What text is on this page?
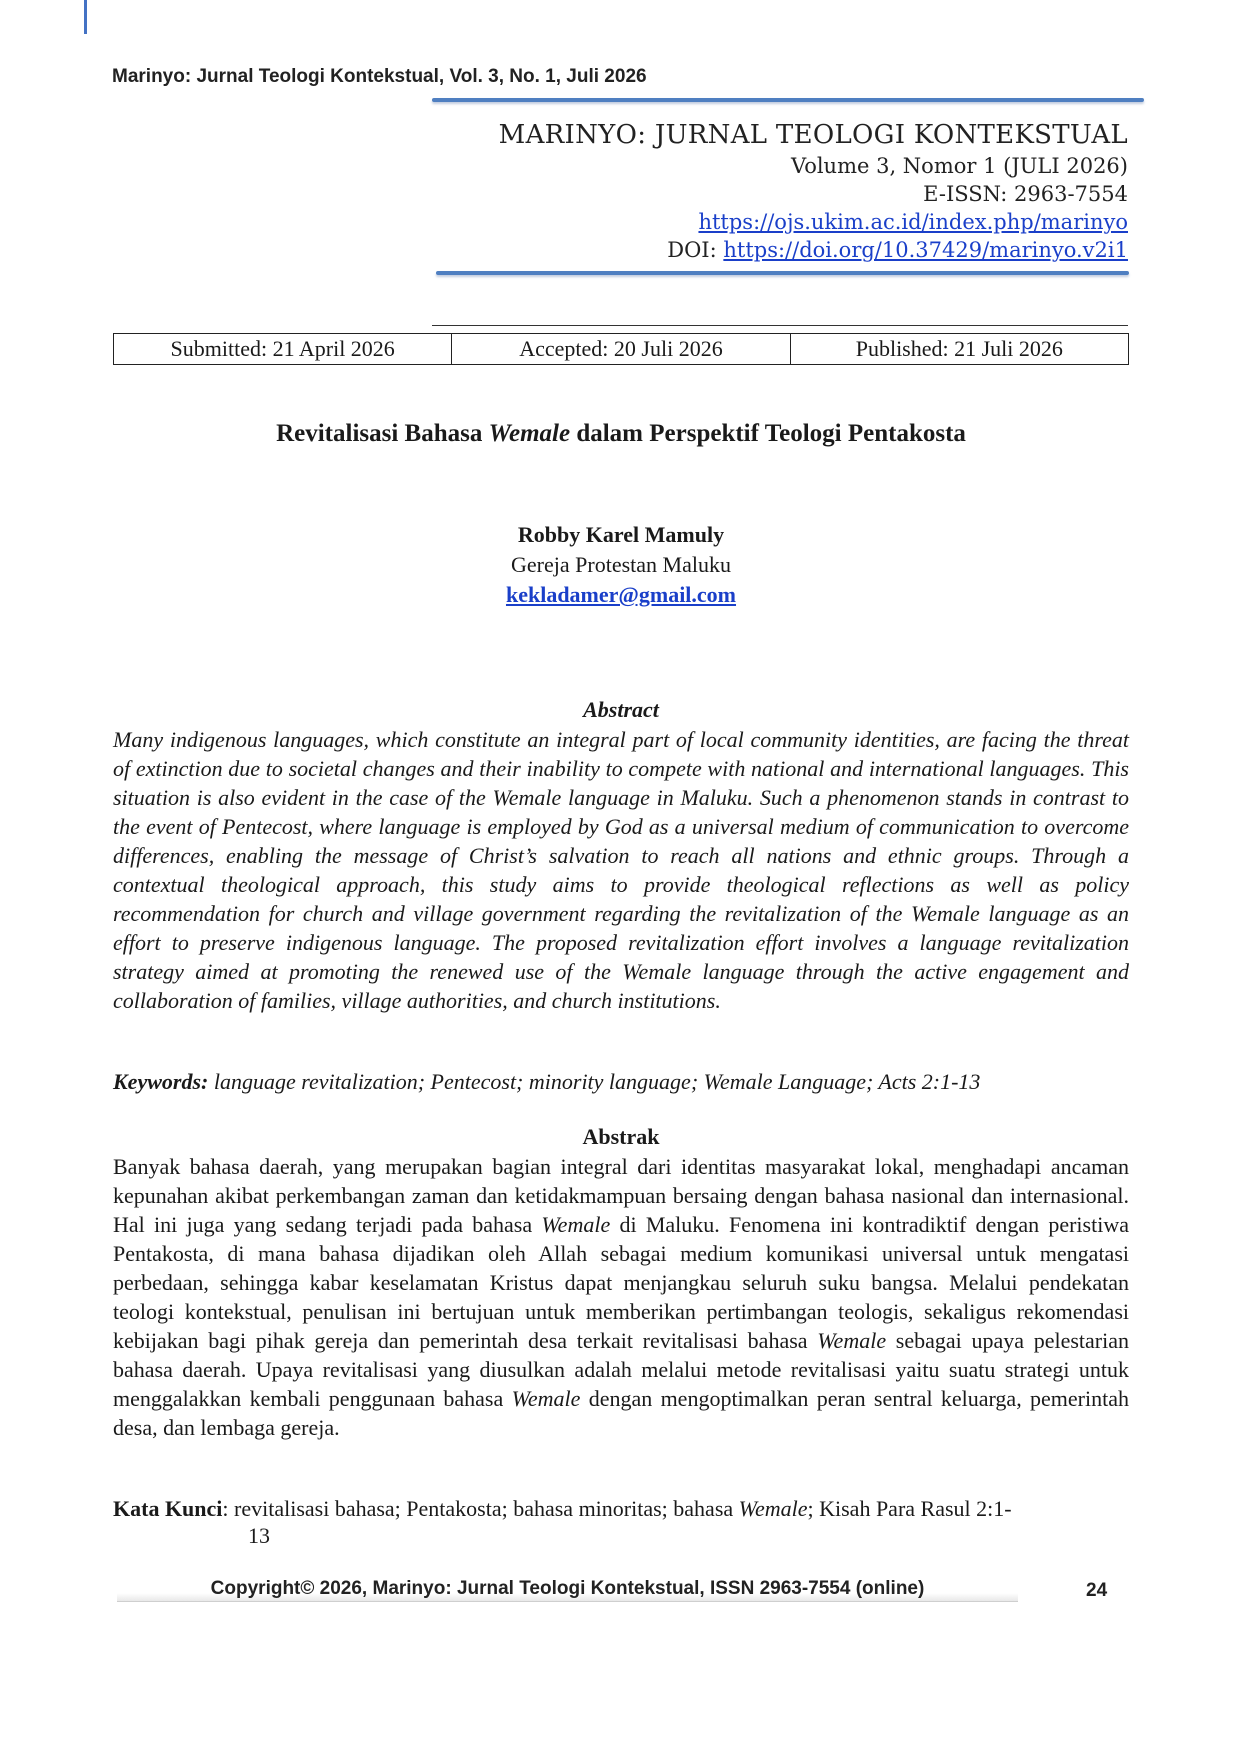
Marinyo: Jurnal Teologi Kontekstual, Vol. 3, No. 1, Juli 2026
MARINYO: JURNAL TEOLOGI KONTEKSTUAL
Volume 3, Nomor 1 (JULI 2026)
E-ISSN: 2963-7554
https://ojs.ukim.ac.id/index.php/marinyo
DOI: https://doi.org/10.37429/marinyo.v2i1
Submitted: 21 April 2026	Accepted: 20 Juli 2026	Published: 21 Juli 2026
Revitalisasi Bahasa Wemale dalam Perspektif Teologi Pentakosta
Robby Karel Mamuly
Gereja Protestan Maluku
kekladamer@gmail.com
Abstract

Many indigenous languages, which constitute an integral part of local community identities, are facing the threat of extinction due to societal changes and their inability to compete with national and international languages. This situation is also evident in the case of the Wemale language in Maluku. Such a phenomenon stands in contrast to the event of Pentecost, where language is employed by God as a universal medium of communication to overcome differences, enabling the message of Christ’s salvation to reach all nations and ethnic groups. Through a contextual theological approach, this study aims to provide theological reflections as well as policy recommendation for church and village government regarding the revitalization of the Wemale language as an effort to preserve indigenous language. The proposed revitalization effort involves a language revitalization strategy aimed at promoting the renewed use of the Wemale language through the active engagement and collaboration of families, village authorities, and church institutions.

Keywords: language revitalization; Pentecost; minority language; Wemale Language; Acts 2:1-13
Abstrak

Banyak bahasa daerah, yang merupakan bagian integral dari identitas masyarakat lokal, menghadapi ancaman kepunahan akibat perkembangan zaman dan ketidakmampuan bersaing dengan bahasa nasional dan internasional. Hal ini juga yang sedang terjadi pada bahasa Wemale di Maluku. Fenomena ini kontradiktif dengan peristiwa Pentakosta, di mana bahasa dijadikan oleh Allah sebagai medium komunikasi universal untuk mengatasi perbedaan, sehingga kabar keselamatan Kristus dapat menjangkau seluruh suku bangsa. Melalui pendekatan teologi kontekstual, penulisan ini bertujuan untuk memberikan pertimbangan teologis, sekaligus rekomendasi kebijakan bagi pihak gereja dan pemerintah desa terkait revitalisasi bahasa Wemale sebagai upaya pelestarian bahasa daerah. Upaya revitalisasi yang diusulkan adalah melalui metode revitalisasi yaitu suatu strategi untuk menggalakkan kembali penggunaan bahasa Wemale dengan mengoptimalkan peran sentral keluarga, pemerintah desa, dan lembaga gereja.

Kata Kunci: revitalisasi bahasa; Pentakosta; bahasa minoritas; bahasa Wemale; Kisah Para Rasul 2:1-
13
Copyright© 2026, Marinyo: Jurnal Teologi Kontekstual, ISSN 2963-7554 (online)	24
